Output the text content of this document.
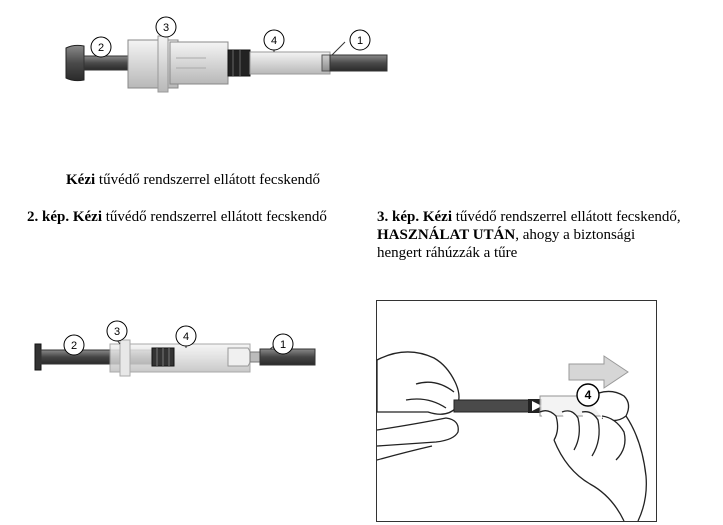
2
3
4	1
Kézi tűvédő rendszerrel ellátott fecskendő
2. kép. Kézi tűvédő rendszerrel ellátott fecskendő	3. kép. Kézi tűvédő rendszerrel ellátott fecskendő,
HASZNÁLAT UTÁN, ahogy a biztonsági
hengert ráhúzzák a tűre
2
3	4
1
4
